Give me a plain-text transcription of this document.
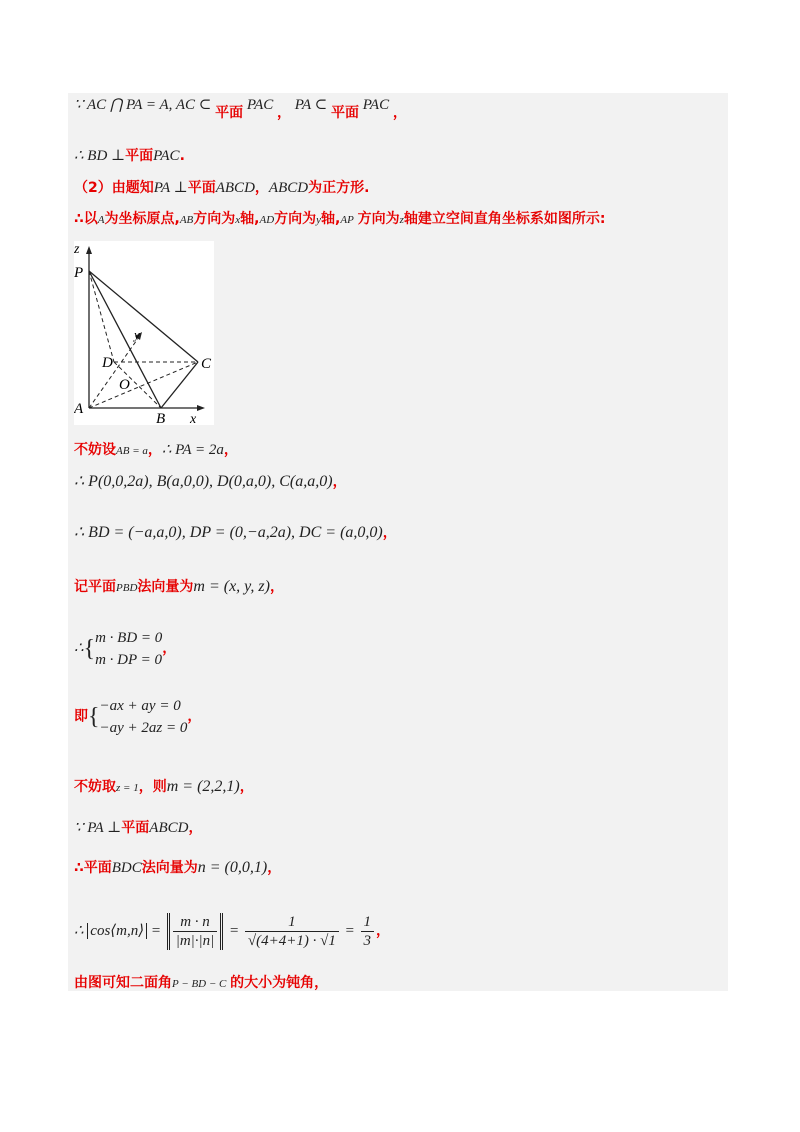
∵ AC ⋂ PA = A, AC ⊂ 平面 PAC ， PA ⊂ 平面 PAC ，
∴ BD ⊥平面PAC.
（2）由题知PA ⊥平面ABCD，ABCD为正方形.
∴以A为坐标原点,AB方向为x轴,AD方向为y轴,AP 方向为z轴建立空间直角坐标系如图所示:
z
P
y
D	C
O
A
B x
不妨设AB = a，∴ PA = 2a，
∴ P(0,0,2a), B(a,0,0), D(0,a,0), C(a,a,0)，
∴ BD = (−a,a,0), DP = (0,−a,2a), DC = (a,0,0)，
记平面PBD法向量为m = (x, y, z)，
∴{ m · BD = 0
m · DP = 0
，
即{ −ax + ay = 0
−ay + 2az = 0
，
不妨取z = 1，则m = (2,2,1)，
∵ PA ⊥平面ABCD，
∴平面BDC法向量为n = (0,0,1)，
∴ cos⟨m,n⟩ = $\frac{m \cdot n}{|m|\cdot|n|} = \frac{1}{√(4+4+1) \cdot √1} = \frac{1}{3}$ ，
由图可知二面角P − BD − C 的大小为钝角，
